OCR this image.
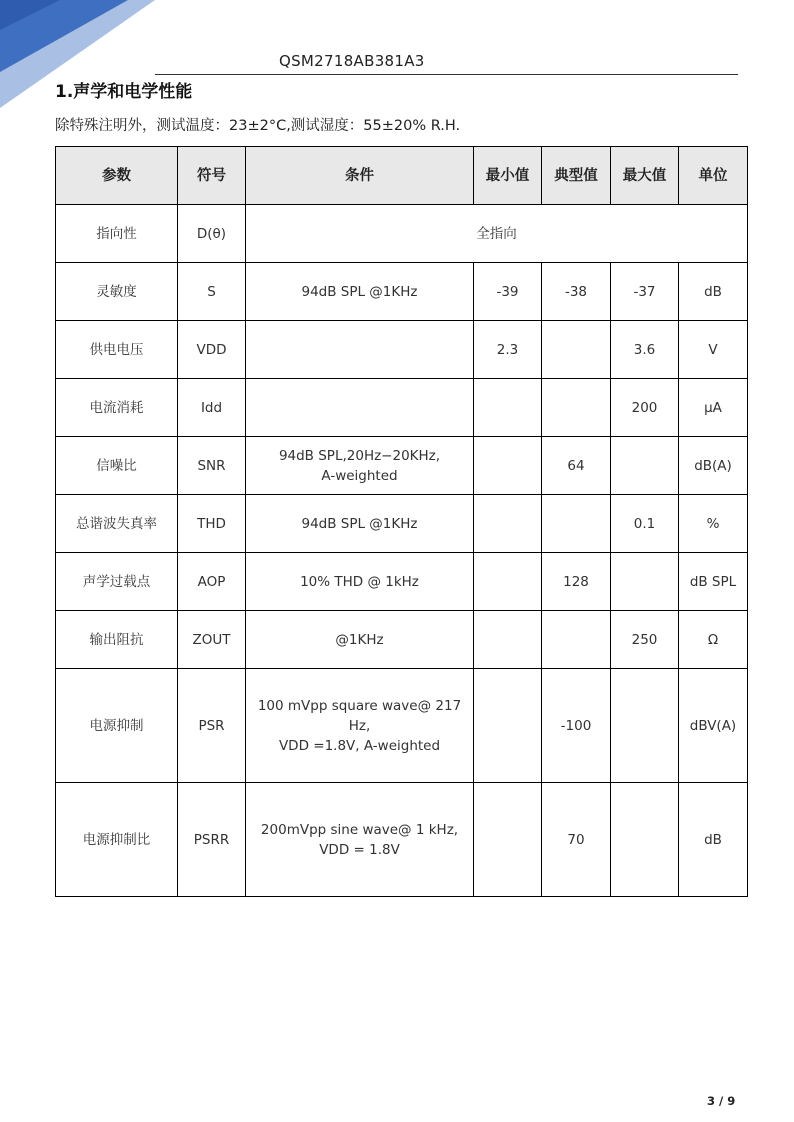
QSM2718AB381A3
1.声学和电学性能
除特殊注明外，测试温度：23±2°C,测试湿度：55±20% R.H.
参数	符号	条件	最小值	典型值	最大值	单位
指向性	D(θ)	全指向				
灵敏度	S	94dB SPL @1KHz	-39	-38	-37	dB
供电电压	VDD		2.3		3.6	V
电流消耗	Idd				200	μA
信噪比	SNR	94dB SPL,20Hz−20KHz,
A-weighted		64		dB(A)
总谐波失真率	THD	94dB SPL @1KHz			0.1	%
声学过载点	AOP	10% THD @ 1kHz		128		dB SPL
输出阻抗	ZOUT	@1KHz			250	Ω
电源抑制	PSR	100 mVpp square wave@ 217 Hz,
VDD =1.8V, A-weighted		-100		dBV(A)
电源抑制比	PSRR	200mVpp sine wave@ 1 kHz,
VDD = 1.8V		70		dB
3 / 9
